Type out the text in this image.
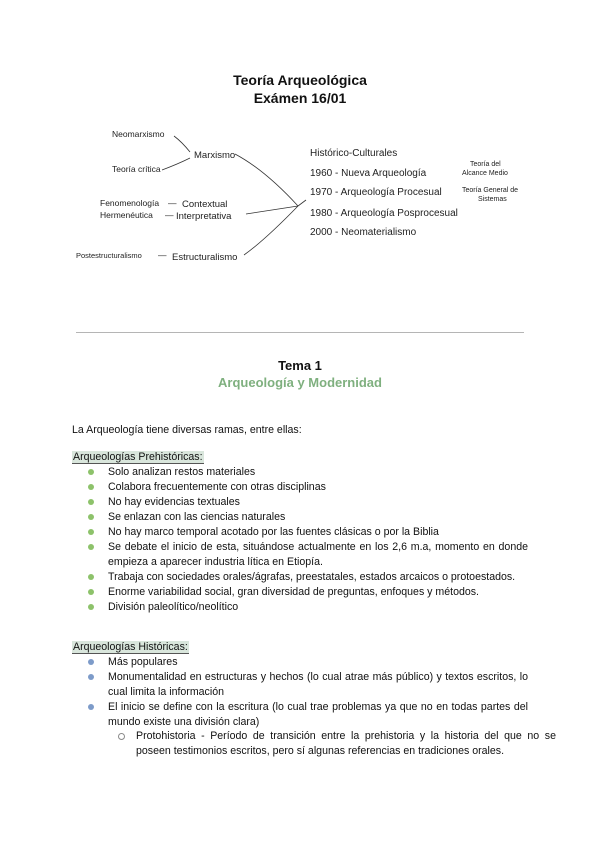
Teoría Arqueológica
Exámen 16/01
Neomarxismo
Teoría crítica
Marxismo
Fenomenología — Contextual
Hermenéutica — Interpretativa
Postestructuralismo — Estructuralismo
Histórico-Culturales
1960 - Nueva Arqueología
1970 - Arqueología Procesual
1980 - Arqueología Posprocesual
2000 - Neomaterialismo
Teoría del
Alcance Medio
Teoría General de
Sistemas
Tema 1
Arqueología y Modernidad
La Arqueología tiene diversas ramas, entre ellas:
Arqueologías Prehistóricas:
Solo analizan restos materiales
Colabora frecuentemente con otras disciplinas
No hay evidencias textuales
Se enlazan con las ciencias naturales
No hay marco temporal acotado por las fuentes clásicas o por la Biblia
Se debate el inicio de esta, situándose actualmente en los 2,6 m.a, momento en donde empieza a aparecer industria lítica en Etiopía.
Trabaja con sociedades orales/ágrafas, preestatales, estados arcaicos o protoestados.
Enorme variabilidad social, gran diversidad de preguntas, enfoques y métodos.
División paleolítico/neolítico
Arqueologías Históricas:
Más populares
Monumentalidad en estructuras y hechos (lo cual atrae más público) y textos escritos, lo cual limita la información
El inicio se define con la escritura (lo cual trae problemas ya que no en todas partes del mundo existe una división clara)
Protohistoria - Período de transición entre la prehistoria y la historia del que no se poseen testimonios escritos, pero sí algunas referencias en tradiciones orales.
